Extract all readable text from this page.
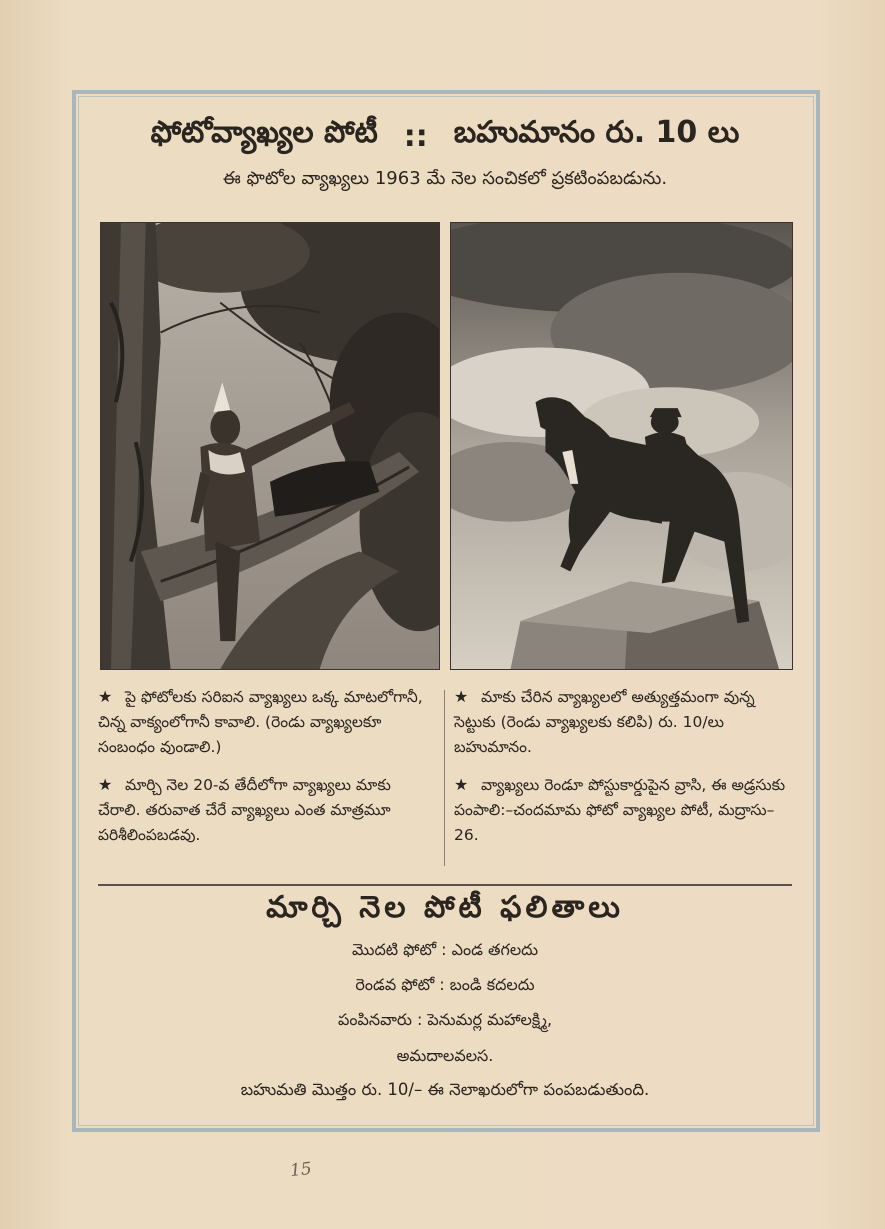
ఫోటోవ్యాఖ్యల పోటీ :: బహుమానం రు. 10 లు
ఈ ఫొటోల వ్యాఖ్యలు 1963 మే నెల సంచికలో ప్రకటింపబడును.
★ పై ఫోటోలకు సరిఐన వ్యాఖ్యలు ఒక్క మాటలోగానీ, చిన్న వాక్యంలోగానీ కావాలి. (రెండు వ్యాఖ్యలకూ సంబంధం వుండాలి.)
★ మార్చి నెల 20-వ తేదీలోగా వ్యాఖ్యలు మాకు చేరాలి. తరువాత చేరే వ్యాఖ్యలు ఎంత మాత్రమూ పరిశీలింపబడవు.
★ మాకు చేరిన వ్యాఖ్యలలో అత్యుత్తమంగా వున్న సెట్టుకు (రెండు వ్యాఖ్యలకు కలిపి) రు. 10/లు బహుమానం.
★ వ్యాఖ్యలు రెండూ పోస్టుకార్డుపైన వ్రాసి, ఈ అడ్రసుకు పంపాలి:–చందమామ ఫోటో వ్యాఖ్యల పోటీ, మద్రాసు–26.
మార్చి నెల పోటీ ఫలితాలు
మొదటి ఫోటో : ఎండ తగలదు
రెండవ ఫోటో : బండి కదలదు
పంపినవారు : పెనుమర్ల మహాలక్ష్మి,
అమదాలవలస.
బహుమతి మొత్తం రు. 10/– ఈ నెలాఖరులోగా పంపబడుతుంది.
15
